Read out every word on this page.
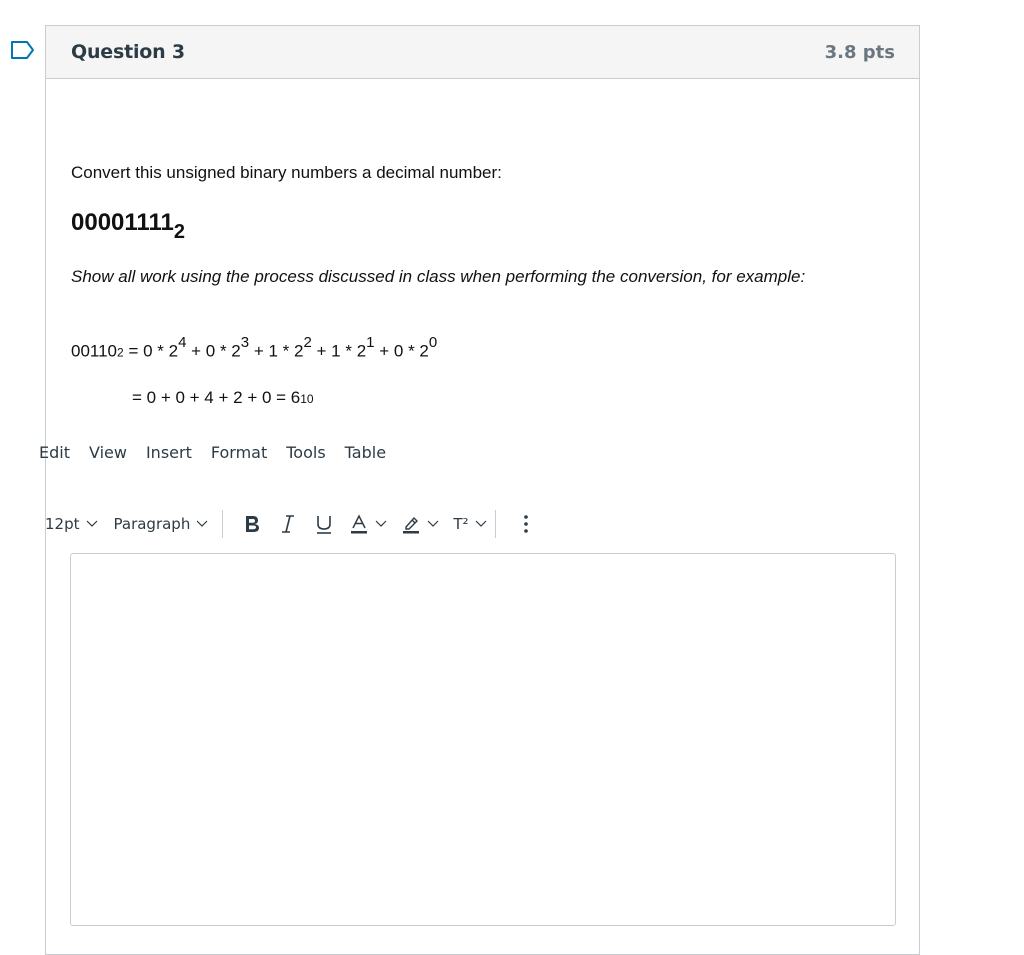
Question 3	3.8 pts
Convert this unsigned binary numbers a decimal number:
$00001111_2$
Show all work using the process discussed in class when performing the conversion, for example:
$001102 = 0 * 2^4 + 0 * 2^3 + 1 * 2^2 + 1 * 2^1 + 0 * 2^0$
= 0 + 0 + 4 + 2 + 0 = 610
Edit View Insert Format Tools Table
12pt Paragraph	T²
